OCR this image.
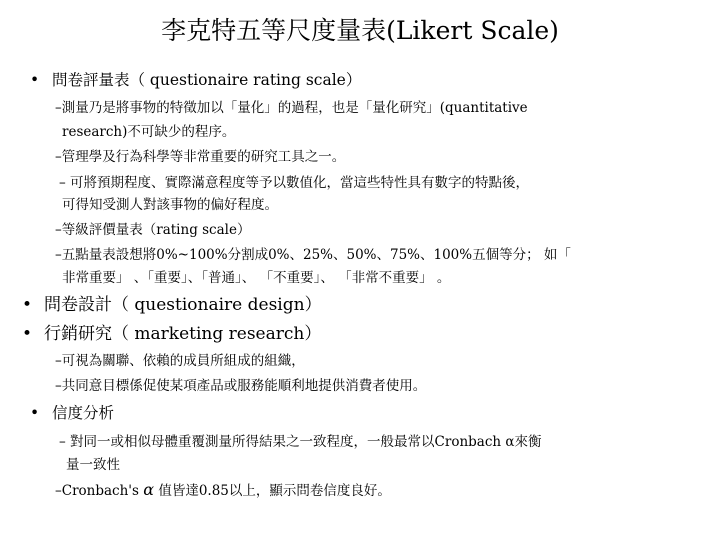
李克特五等尺度量表(Likert Scale)
• 問卷評量表（ questionaire rating scale）
–測量乃是將事物的特徵加以「量化」的過程，也是「量化研究」(quantitative
research)不可缺少的程序。
–管理學及行為科學等非常重要的研究工具之一。
– 可將預期程度、實際滿意程度等予以數值化，當這些特性具有數字的特點後，
可得知受測人對該事物的偏好程度。
–等級評價量表（rating scale）
–五點量表設想將0%~100%分割成0%、25%、50%、75%、100%五個等分； 如「
非常重要」 、「重要」、「普通」、 「不重要」、 「非常不重要」 。
• 問卷設計（ questionaire design）
• 行銷研究（ marketing research）
–可視為關聯、依賴的成員所組成的組織，
–共同意目標係促使某項產品或服務能順利地提供消費者使用。
• 信度分析
– 對同一或相似母體重覆測量所得結果之一致程度，一般最常以Cronbach α來衡
量一致性
–Cronbach's α 值皆達0.85以上，顯示問卷信度良好。
